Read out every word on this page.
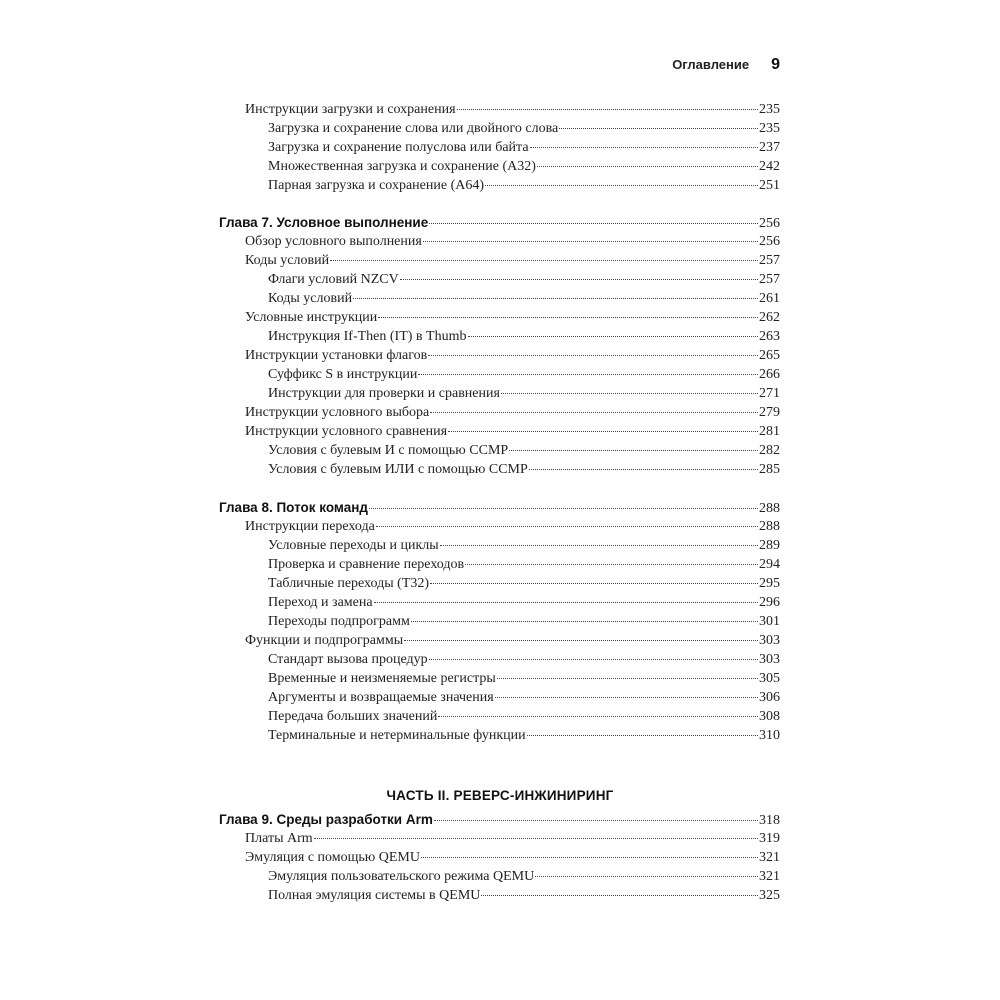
Оглавление 9
ЧАСТЬ II. РЕВЕРС-ИНЖИНИРИНГ
Инструкции загрузки и сохранения	235
Загрузка и сохранение слова или двойного слова	235
Загрузка и сохранение полуслова или байта	237
Множественная загрузка и сохранение (A32)	242
Парная загрузка и сохранение (A64)	251
Глава 7. Условное выполнение	256
Обзор условного выполнения	256
Коды условий	257
Флаги условий NZCV	257
Коды условий	261
Условные инструкции	262
Инструкция If-Then (IT) в Thumb	263
Инструкции установки флагов	265
Суффикс S в инструкции	266
Инструкции для проверки и сравнения	271
Инструкции условного выбора	279
Инструкции условного сравнения	281
Условия с булевым И с помощью CCMP	282
Условия с булевым ИЛИ с помощью CCMP	285
Глава 8. Поток команд	288
Инструкции перехода	288
Условные переходы и циклы	289
Проверка и сравнение переходов	294
Табличные переходы (T32)	295
Переход и замена	296
Переходы подпрограмм	301
Функции и подпрограммы	303
Стандарт вызова процедур	303
Временные и неизменяемые регистры	305
Аргументы и возвращаемые значения	306
Передача больших значений	308
Терминальные и нетерминальные функции	310
Глава 9. Среды разработки Arm	318
Платы Arm	319
Эмуляция с помощью QEMU	321
Эмуляция пользовательского режима QEMU	321
Полная эмуляция системы в QEMU	325
